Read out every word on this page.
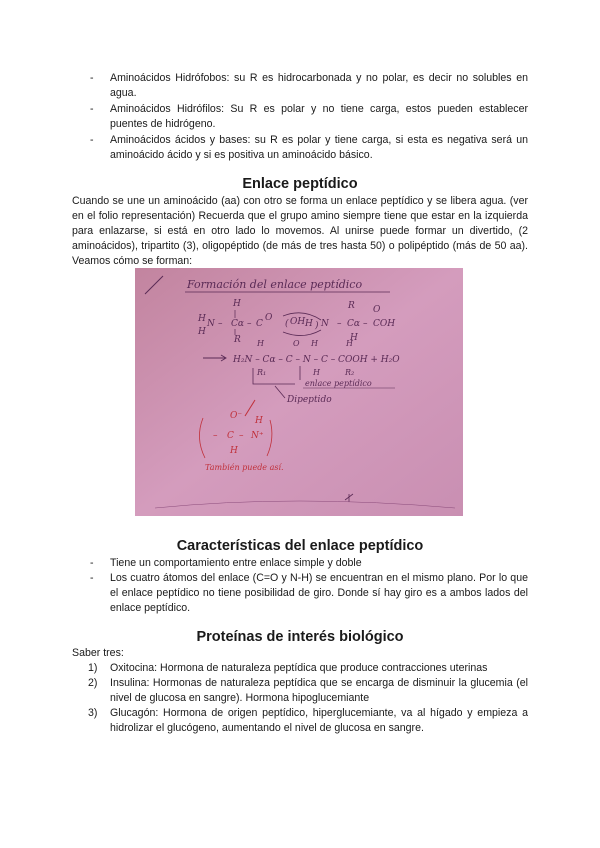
- Aminoácidos Hidrófobos: su R es hidrocarbonada y no polar, es decir no solubles en agua.
- Aminoácidos Hidrófilos: Su R es polar y no tiene carga, estos pueden establecer puentes de hidrógeno.
- Aminoácidos ácidos y bases: su R es polar y tiene carga, si esta es negativa será un aminoácido ácido y si es positiva un aminoácido básico.
Enlace peptídico

Cuando se une un aminoácido (aa) con otro se forma un enlace peptídico y se libera agua. (ver en el folio representación) Recuerda que el grupo amino siempre tiene que estar en la izquierda para enlazarse, si está en otro lado lo movemos. Al unirse puede formar un divertido, (2 aminoácidos), tripartito (3), oligopéptido (de más de tres hasta 50) o polipéptido (más de 50 aa). Veamos cómo se forman:

Formación del enlace peptídico
H
H N – Cα – C
O
H
R
( OH H ) N – Cα – COH
R O
H
H₂N – Cα – C – N – C – COOH + H₂O
H	O H	H
R₁	H	R₂
enlace peptídico
Dipeptido
– C – N⁺
O⁻ H
H
También puede así.
Características del enlace peptídico
- Tiene un comportamiento entre enlace simple y doble
- Los cuatro átomos del enlace (C=O y N-H) se encuentran en el mismo plano. Por lo que el enlace peptídico no tiene posibilidad de giro. Donde sí hay giro es a ambos lados del enlace peptídico.
Proteínas de interés biológico

Saber tres:

1) Oxitocina: Hormona de naturaleza peptídica que produce contracciones uterinas
2) Insulina: Hormonas de naturaleza peptídica que se encarga de disminuir la glucemia (el nivel de glucosa en sangre). Hormona hipoglucemiante
3) Glucagón: Hormona de origen peptídico, hiperglucemiante, va al hígado y empieza a hidrolizar el glucógeno, aumentando el nivel de glucosa en sangre.
